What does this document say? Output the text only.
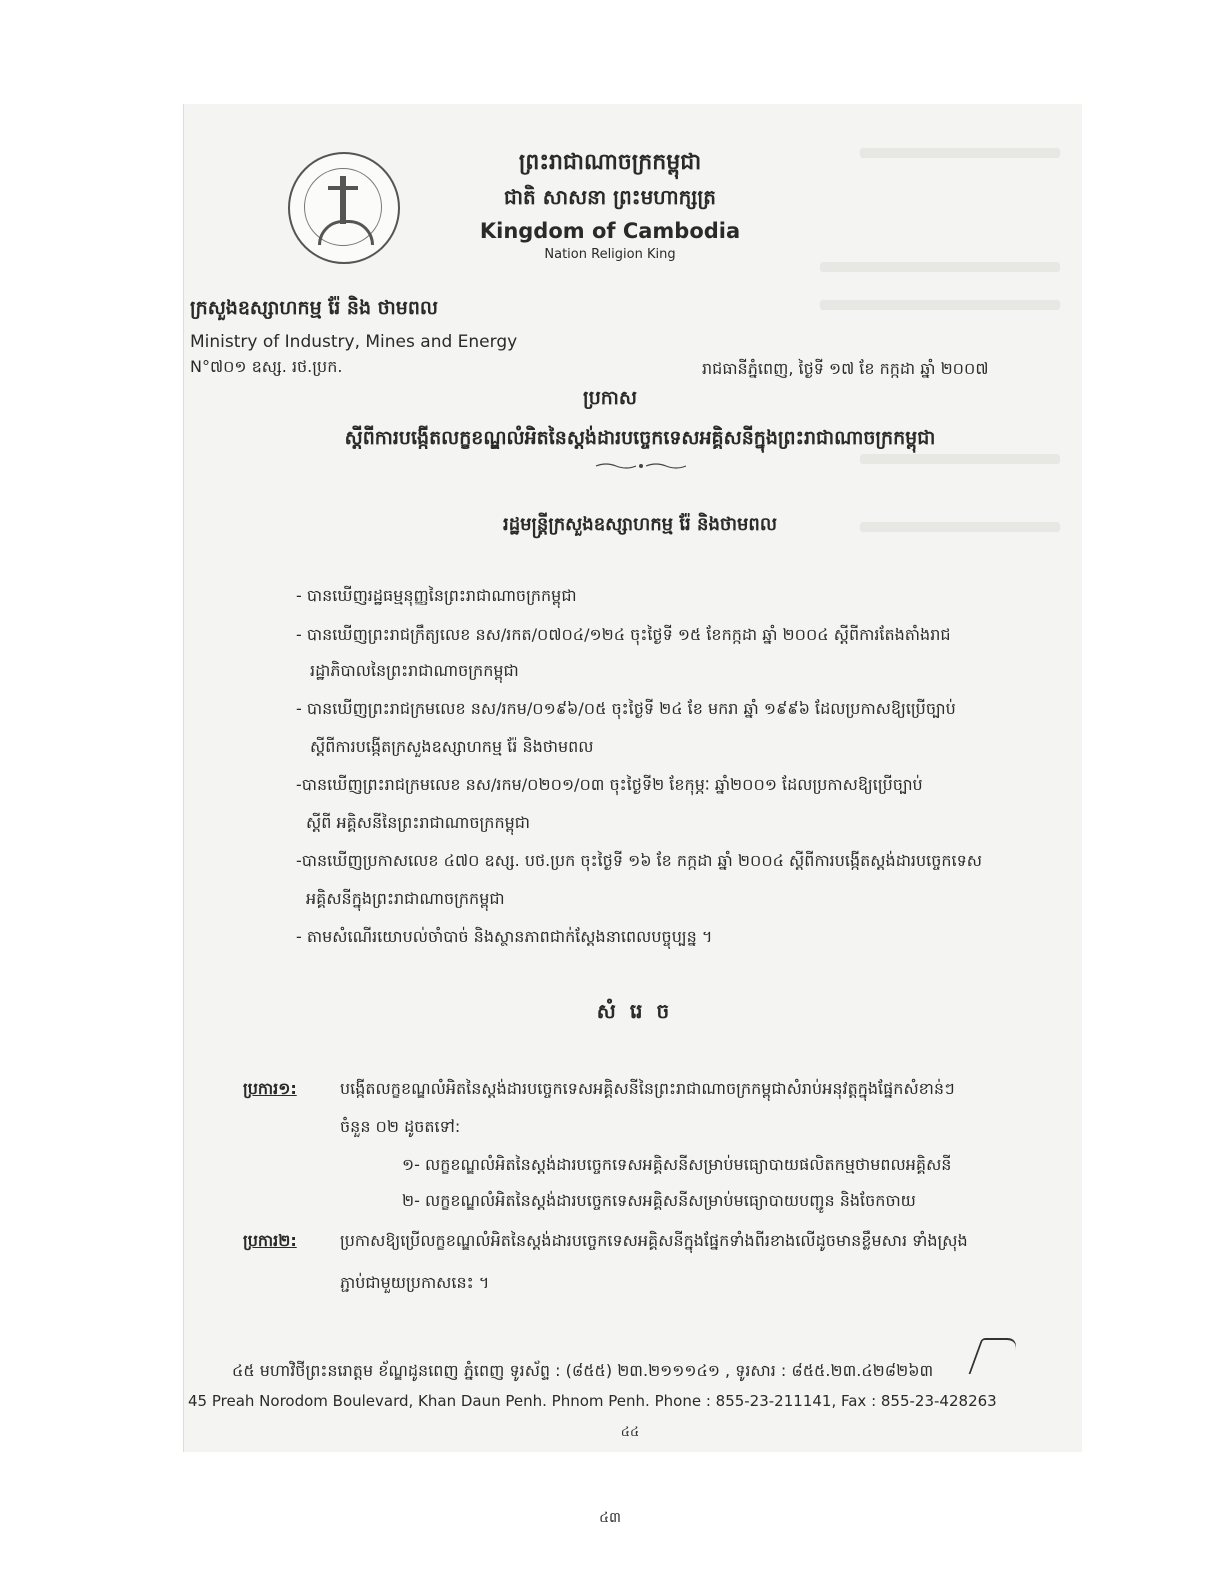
ព្រះរាជាណាចក្រកម្ពុជា
ជាតិ សាសនា ព្រះមហាក្សត្រ
Kingdom of Cambodia
Nation Religion King
ក្រសួងឧស្សាហកម្ម រ៉ែ និង ថាមពល
Ministry of Industry, Mines and Energy
N°៧០១ ឧស្ស. រថ.ប្រក.	រាជធានីភ្នំពេញ, ថ្ងៃទី ១៧ ខែ កក្កដា ឆ្នាំ ២០០៧
ប្រកាស
ស្តីពីការបង្កើតលក្ខខណ្ឌលំអិតនៃស្តង់ដារបច្ចេកទេសអគ្គិសនីក្នុងព្រះរាជាណាចក្រកម្ពុជា
រដ្ឋមន្ត្រីក្រសួងឧស្សាហកម្ម រ៉ែ និងថាមពល
- បានឃើញរដ្ឋធម្មនុញ្ញនៃព្រះរាជាណាចក្រកម្ពុជា
- បានឃើញព្រះរាជក្រឹត្យលេខ នស/រកត/០៧០៤/១២៤ ចុះថ្ងៃទី ១៥ ខែកក្កដា ឆ្នាំ ២០០៤ ស្តីពីការតែងតាំងរាជ
រដ្ឋាភិបាលនៃព្រះរាជាណាចក្រកម្ពុជា
- បានឃើញព្រះរាជក្រមលេខ នស/រកម/០១៩៦/០៥ ចុះថ្ងៃទី ២៤ ខែ មករា ឆ្នាំ ១៩៩៦ ដែលប្រកាសឱ្យប្រើច្បាប់
ស្តីពីការបង្កើតក្រសួងឧស្សាហកម្ម រ៉ែ និងថាមពល
-បានឃើញព្រះរាជក្រមលេខ នស/រកម/០២០១/០៣ ចុះថ្ងៃទី២ ខែកុម្ភៈ ឆ្នាំ២០០១ ដែលប្រកាសឱ្យប្រើច្បាប់
ស្តីពី អគ្គិសនីនៃព្រះរាជាណាចក្រកម្ពុជា
-បានឃើញប្រកាសលេខ ៤៧០ ឧស្ស. បថ.ប្រក ចុះថ្ងៃទី ១៦ ខែ កក្កដា ឆ្នាំ ២០០៤ ស្តីពីការបង្កើតស្តង់ដារបច្ចេកទេស
អគ្គិសនីក្នុងព្រះរាជាណាចក្រកម្ពុជា
- តាមសំណើរយោបល់ចាំបាច់ និងស្ថានភាពជាក់ស្តែងនាពេលបច្ចុប្បន្ន ។
សំរេច
ប្រការ១:	បង្កើតលក្ខខណ្ឌលំអិតនៃស្តង់ដារបច្ចេកទេសអគ្គិសនីនៃព្រះរាជាណាចក្រកម្ពុជាសំរាប់អនុវត្តក្នុងផ្នែកសំខាន់ៗ
ចំនួន ០២ ដូចតទៅ:
១- លក្ខខណ្ឌលំអិតនៃស្តង់ដារបច្ចេកទេសអគ្គិសនីសម្រាប់មធ្យោបាយផលិតកម្មថាមពលអគ្គិសនី
២- លក្ខខណ្ឌលំអិតនៃស្តង់ដារបច្ចេកទេសអគ្គិសនីសម្រាប់មធ្យោបាយបញ្ជូន និងចែកចាយ
ប្រការ២:	ប្រកាសឱ្យប្រើលក្ខខណ្ឌលំអិតនៃស្តង់ដារបច្ចេកទេសអគ្គិសនីក្នុងផ្នែកទាំងពីរខាងលើដូចមានខ្លឹមសារ ទាំងស្រុង
ភ្ជាប់ជាមួយប្រកាសនេះ ។
៤៥ មហាវិថីព្រះនរោត្តម ខ័ណ្ឌដូនពេញ ភ្នំពេញ ទូរស័ព្ទ : (៨៥៥) ២៣.២១១១៤១ , ទូរសារ : ៨៥៥.២៣.៤២៨២៦៣
45 Preah Norodom Boulevard, Khan Daun Penh. Phnom Penh. Phone : 855-23-211141, Fax : 855-23-428263
៤៤
៤៣
